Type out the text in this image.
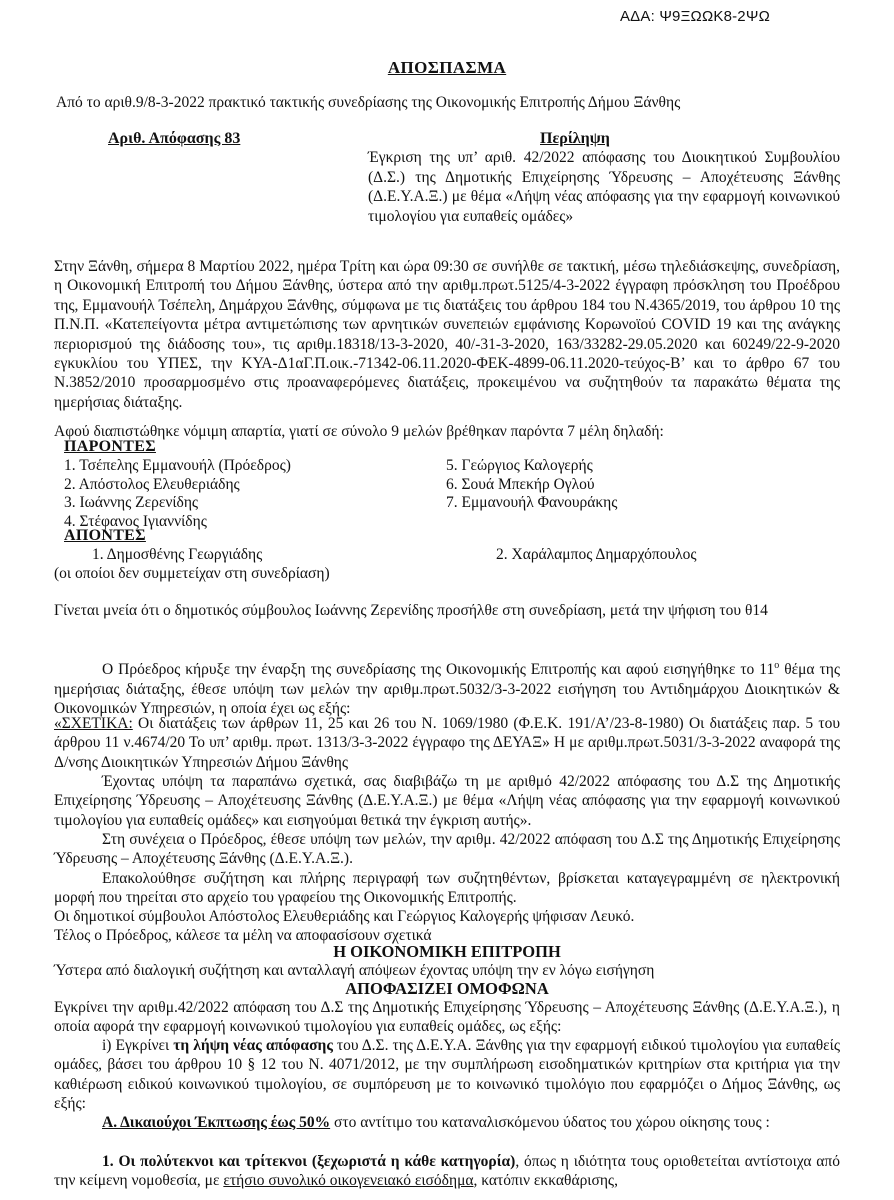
ΑΔΑ: Ψ9ΞΩΩΚ8-2ΨΩ
ΑΠΟΣΠΑΣΜΑ
Από το αριθ.9/8-3-2022 πρακτικό τακτικής συνεδρίασης της Οικονομικής Επιτροπής Δήμου Ξάνθης
Αριθ. Απόφασης 83	Περίληψη
Έγκριση της υπ’ αριθ. 42/2022 απόφασης του Διοικητικού Συμβουλίου (Δ.Σ.) της Δημοτικής Επιχείρησης Ύδρευσης – Αποχέτευσης Ξάνθης (Δ.Ε.Υ.Α.Ξ.) με θέμα «Λήψη νέας απόφασης για την εφαρμογή κοινωνικού τιμολογίου για ευπαθείς ομάδες»
Στην Ξάνθη, σήμερα 8 Μαρτίου 2022, ημέρα Τρίτη και ώρα 09:30 σε συνήλθε σε τακτική, μέσω τηλεδιάσκεψης, συνεδρίαση, η Οικονομική Επιτροπή του Δήμου Ξάνθης, ύστερα από την αριθμ.πρωτ.5125/4-3-2022 έγγραφη πρόσκληση του Προέδρου της, Εμμανουήλ Τσέπελη, Δημάρχου Ξάνθης, σύμφωνα με τις διατάξεις του άρθρου 184 του Ν.4365/2019, του άρθρου 10 της Π.Ν.Π. «Κατεπείγοντα μέτρα αντιμετώπισης των αρνητικών συνεπειών εμφάνισης Κορωνοϊού COVID 19 και της ανάγκης περιορισμού της διάδοσης του», τις αριθμ.18318/13-3-2020, 40/-31-3-2020, 163/33282-29.05.2020 και 60249/22-9-2020 εγκυκλίου του ΥΠΕΣ, την ΚΥΑ-Δ1αΓ.Π.οικ.-71342-06.11.2020-ΦΕΚ-4899-06.11.2020-τεύχος-Β’ και το άρθρο 67 του Ν.3852/2010 προσαρμοσμένο στις προαναφερόμενες διατάξεις, προκειμένου να συζητηθούν τα παρακάτω θέματα της ημερήσιας διάταξης.
Αφού διαπιστώθηκε νόμιμη απαρτία, γιατί σε σύνολο 9 μελών βρέθηκαν παρόντα 7 μέλη δηλαδή:
ΠΑΡΟΝΤΕΣ
1. Τσέπελης Εμμανουήλ (Πρόεδρος)
2. Απόστολος Ελευθεριάδης
3. Ιωάννης Ζερενίδης
4. Στέφανος Ιγιαννίδης
5. Γεώργιος Καλογερής
6. Σουά Μπεκήρ Ογλού
7. Εμμανουήλ Φανουράκης
ΑΠΟΝΤΕΣ
1. Δημοσθένης Γεωργιάδης	2. Χαράλαμπος Δημαρχόπουλος
(οι οποίοι δεν συμμετείχαν στη συνεδρίαση)
Γίνεται μνεία ότι ο δημοτικός σύμβουλος Ιωάννης Ζερενίδης προσήλθε στη συνεδρίαση, μετά την ψήφιση του θ14
Ο Πρόεδρος κήρυξε την έναρξη της συνεδρίασης της Οικονομικής Επιτροπής και αφού εισηγήθηκε το $11^o$ θέμα της ημερήσιας διάταξης, έθεσε υπόψη των μελών την αριθμ.πρωτ.5032/3-3-2022 εισήγηση του Αντιδημάρχου Διοικητικών & Οικονομικών Υπηρεσιών, η οποία έχει ως εξής:
«ΣΧΕΤΙΚΑ: Οι διατάξεις των άρθρων 11, 25 και 26 του Ν. 1069/1980 (Φ.Ε.Κ. 191/Α’/23-8-1980) Οι διατάξεις παρ. 5 του άρθρου 11 ν.4674/20 Το υπ’ αριθμ. πρωτ. 1313/3-3-2022 έγγραφο της ΔΕΥΑΞ» Η με αριθμ.πρωτ.5031/3-3-2022 αναφορά της Δ/νσης Διοικητικών Υπηρεσιών Δήμου Ξάνθης
Έχοντας υπόψη τα παραπάνω σχετικά, σας διαβιβάζω τη με αριθμό 42/2022 απόφασης του Δ.Σ της Δημοτικής Επιχείρησης Ύδρευσης – Αποχέτευσης Ξάνθης (Δ.Ε.Υ.Α.Ξ.) με θέμα «Λήψη νέας απόφασης για την εφαρμογή κοινωνικού τιμολογίου για ευπαθείς ομάδες» και εισηγούμαι θετικά την έγκριση αυτής».
Στη συνέχεια ο Πρόεδρος, έθεσε υπόψη των μελών, την αριθμ. 42/2022 απόφαση του Δ.Σ της Δημοτικής Επιχείρησης Ύδρευσης – Αποχέτευσης Ξάνθης (Δ.Ε.Υ.Α.Ξ.).
Επακολούθησε συζήτηση και πλήρης περιγραφή των συζητηθέντων, βρίσκεται καταγεγραμμένη σε ηλεκτρονική μορφή που τηρείται στο αρχείο του γραφείου της Οικονομικής Επιτροπής.
Οι δημοτικοί σύμβουλοι Απόστολος Ελευθεριάδης και Γεώργιος Καλογερής ψήφισαν Λευκό.
Τέλος ο Πρόεδρος, κάλεσε τα μέλη να αποφασίσουν σχετικά
Η ΟΙΚΟΝΟΜΙΚΗ ΕΠΙΤΡΟΠΗ
Ύστερα από διαλογική συζήτηση και ανταλλαγή απόψεων έχοντας υπόψη την εν λόγω εισήγηση
ΑΠΟΦΑΣΙΖΕΙ ΟΜΟΦΩΝΑ
Εγκρίνει την αριθμ.42/2022 απόφαση του Δ.Σ της Δημοτικής Επιχείρησης Ύδρευσης – Αποχέτευσης Ξάνθης (Δ.Ε.Υ.Α.Ξ.), η οποία αφορά την εφαρμογή κοινωνικού τιμολογίου για ευπαθείς ομάδες, ως εξής:
i) Εγκρίνει τη λήψη νέας απόφασης του Δ.Σ. της Δ.Ε.Υ.Α. Ξάνθης για την εφαρμογή ειδικού τιμολογίου για ευπαθείς ομάδες, βάσει του άρθρου 10 § 12 του Ν. 4071/2012, με την συμπλήρωση εισοδηματικών κριτηρίων στα κριτήρια για την καθιέρωση ειδικού κοινωνικού τιμολογίου, σε συμπόρευση με το κοινωνικό τιμολόγιο που εφαρμόζει ο Δήμος Ξάνθης, ως εξής:
Α. Δικαιούχοι Έκπτωσης έως 50% στο αντίτιμο του καταναλισκόμενου ύδατος του χώρου οίκησης τους :
1. Οι πολύτεκνοι και τρίτεκνοι (ξεχωριστά η κάθε κατηγορία), όπως η ιδιότητα τους οριοθετείται αντίστοιχα από την κείμενη νομοθεσία, με ετήσιο συνολικό οικογενειακό εισόδημα, κατόπιν εκκαθάρισης,
